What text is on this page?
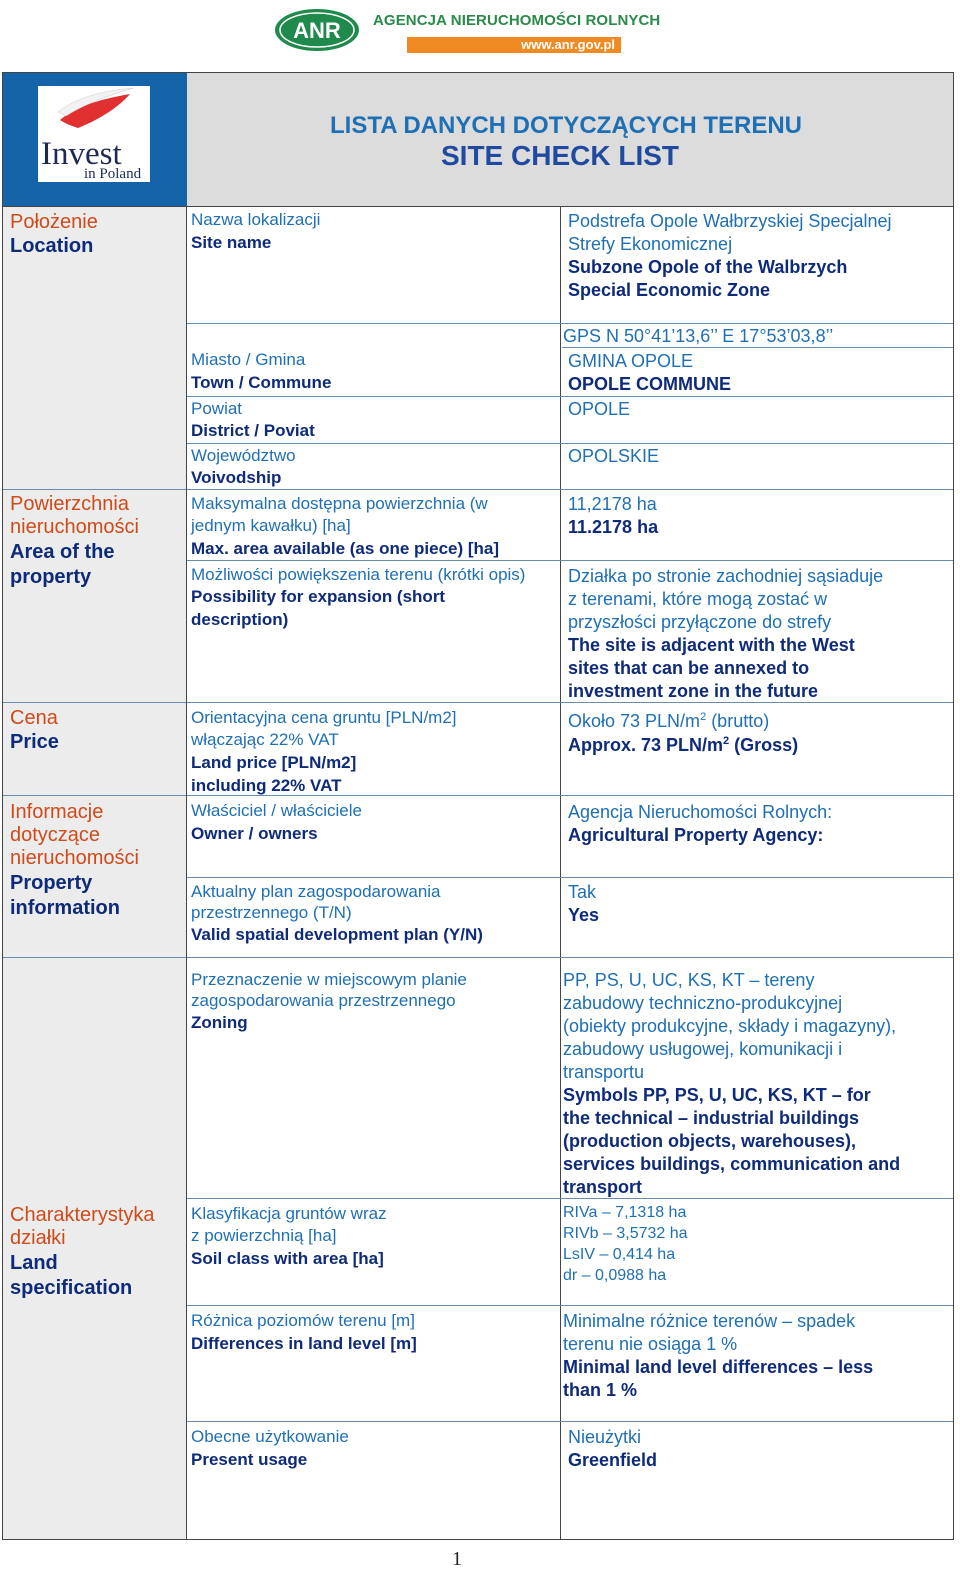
ANR AGENCJA NIERUCHOMOŚCI ROLNYCH
www.anr.gov.pl
Invest
in Poland
LISTA DANYCH DOTYCZĄCYCH TERENU
SITE CHECK LIST
Położenie
Location
Powierzchnia
nieruchomości
Area of the
property
Cena
Price
Informacje
dotyczące
nieruchomości
Property
information
Charakterystyka
działki
Land
specification
Nazwa lokalizacji
Site name
Miasto / Gmina
Town / Commune
Powiat
District / Poviat
Województwo
Voivodship
Maksymalna dostępna powierzchnia (w
jednym kawałku) [ha]
Max. area available (as one piece) [ha]
Możliwości powiększenia terenu (krótki opis)
Possibility for expansion (short
description)
Orientacyjna cena gruntu [PLN/m2]
włączając 22% VAT
Land price [PLN/m2]
including 22% VAT
Właściciel / właściciele
Owner / owners
Aktualny plan zagospodarowania
przestrzennego (T/N)
Valid spatial development plan (Y/N)
Przeznaczenie w miejscowym planie
zagospodarowania przestrzennego
Zoning
Klasyfikacja gruntów wraz
z powierzchnią [ha]
Soil class with area [ha]
Różnica poziomów terenu [m]
Differences in land level [m]
Obecne użytkowanie
Present usage
Podstrefa Opole Wałbrzyskiej Specjalnej
Strefy Ekonomicznej
Subzone Opole of the Walbrzych
Special Economic Zone
GPS N 50°41’13,6’’ E 17°53’03,8’’
GMINA OPOLE
OPOLE COMMUNE
OPOLE
OPOLSKIE
11,2178 ha
11.2178 ha
Działka po stronie zachodniej sąsiaduje
z terenami, które mogą zostać w
przyszłości przyłączone do strefy
The site is adjacent with the West
sites that can be annexed to
investment zone in the future
Około 73 PLN/$m^2$ (brutto)
Approx. 73 PLN/$m^2$ (Gross)
Agencja Nieruchomości Rolnych:
Agricultural Property Agency:
Tak
Yes
PP, PS, U, UC, KS, KT – tereny
zabudowy techniczno-produkcyjnej
(obiekty produkcyjne, składy i magazyny),
zabudowy usługowej, komunikacji i
transportu
Symbols PP, PS, U, UC, KS, KT – for
the technical – industrial buildings
(production objects, warehouses),
services buildings, communication and
transport
RIVa – 7,1318 ha
RIVb – 3,5732 ha
LsIV – 0,414 ha
dr – 0,0988 ha
Minimalne różnice terenów – spadek
terenu nie osiąga 1 %
Minimal land level differences – less
than 1 %
Nieużytki
Greenfield
1
